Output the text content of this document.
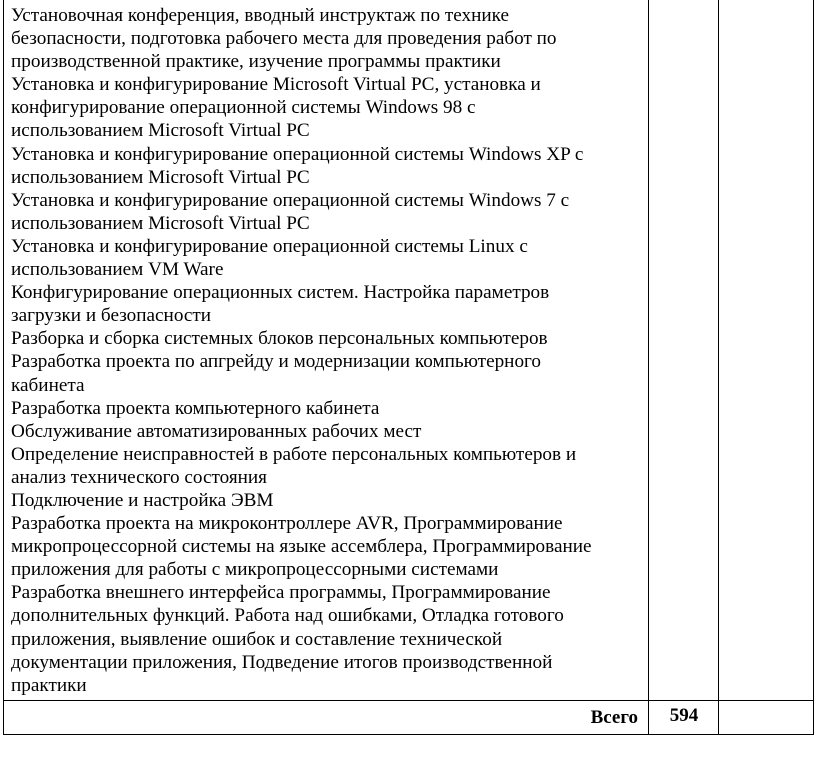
Установочная конференция, вводный инструктаж по технике
безопасности, подготовка рабочего места для проведения работ по
производственной практике, изучение программы практики
Установка и конфигурирование Microsoft Virtual PC, установка и
конфигурирование операционной системы Windows 98 с
использованием Microsoft Virtual PC
Установка и конфигурирование операционной системы Windows XP с
использованием Microsoft Virtual PC
Установка и конфигурирование операционной системы Windows 7 с
использованием Microsoft Virtual PC
Установка и конфигурирование операционной системы Linux с
использованием VM Ware
Конфигурирование операционных систем. Настройка параметров
загрузки и безопасности
Разборка и сборка системных блоков персональных компьютеров
Разработка проекта по апгрейду и модернизации компьютерного
кабинета
Разработка проекта компьютерного кабинета
Обслуживание автоматизированных рабочих мест
Определение неисправностей в работе персональных компьютеров и
анализ технического состояния
Подключение и настройка ЭВМ
Разработка проекта на микроконтроллере AVR, Программирование
микропроцессорной системы на языке ассемблера, Программирование
приложения для работы с микропроцессорными системами
Разработка внешнего интерфейса программы, Программирование
дополнительных функций. Работа над ошибками, Отладка готового
приложения, выявление ошибок и составление технической
документации приложения, Подведение итогов производственной
практики
Всего	594
